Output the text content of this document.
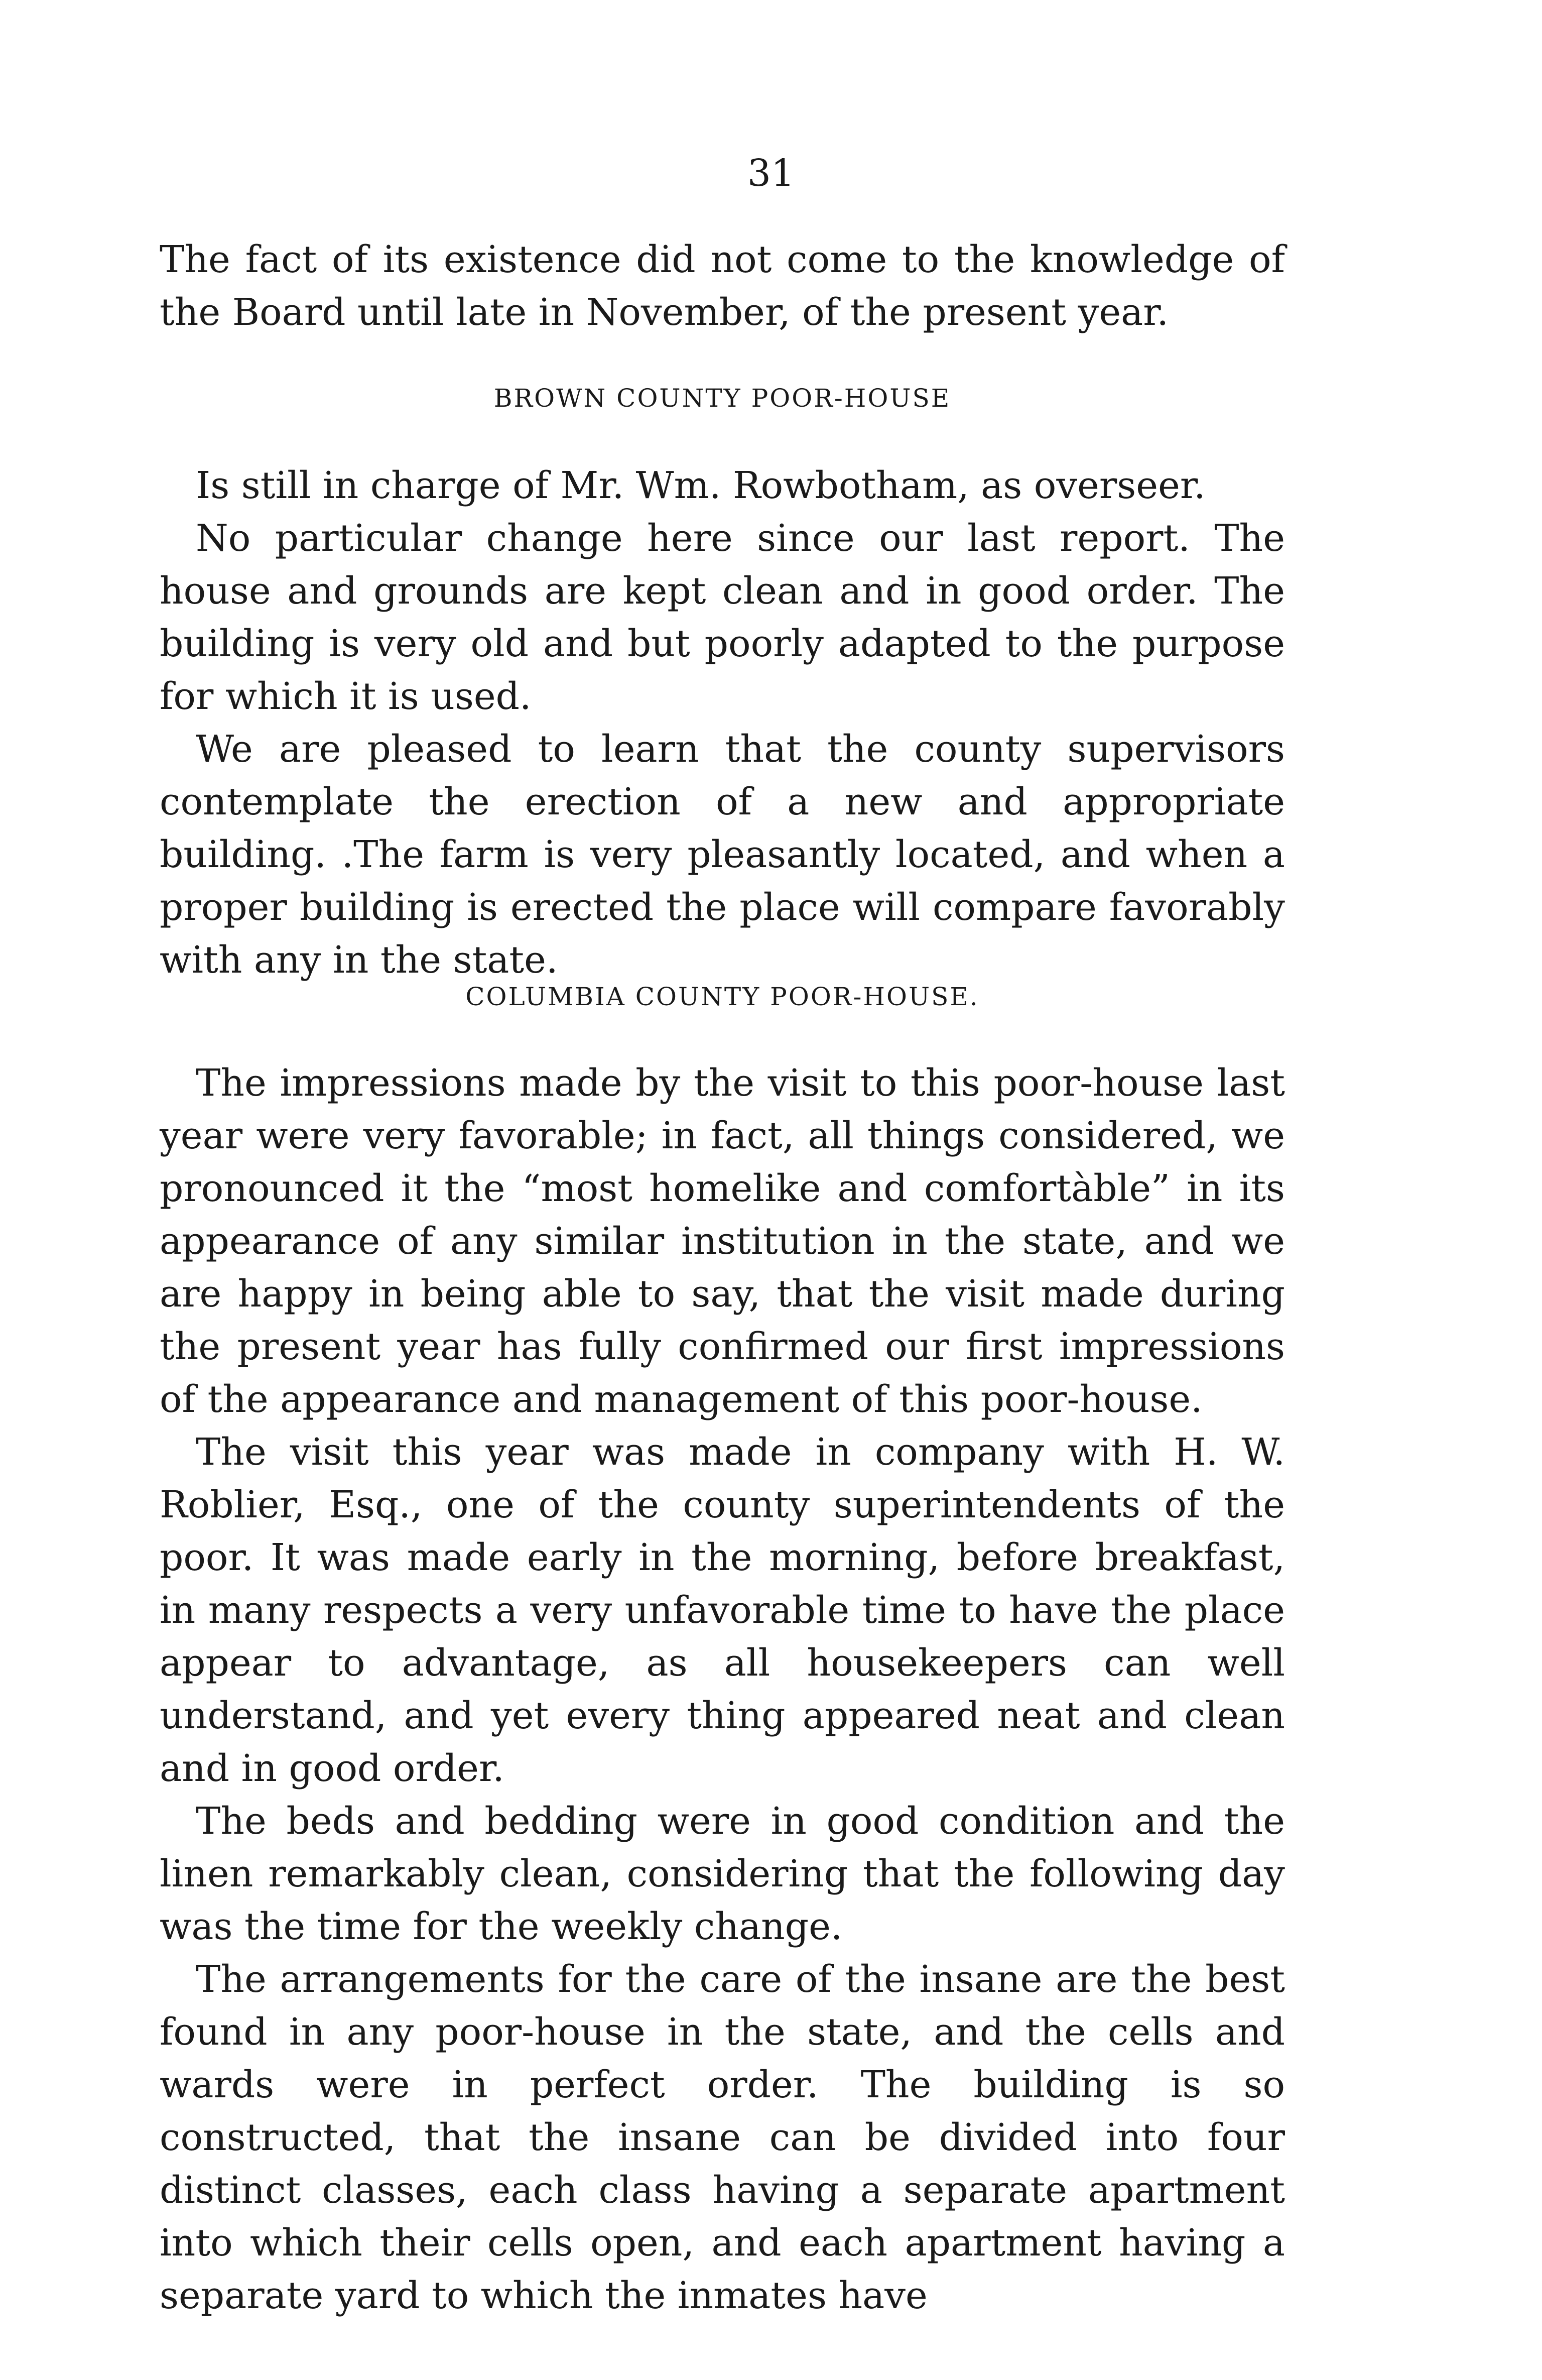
31

The fact of its existence did not come to the knowledge of the Board until late in November, of the present year.

BROWN COUNTY POOR-HOUSE

Is still in charge of Mr. Wm. Rowbotham, as overseer.

No particular change here since our last report. The house and grounds are kept clean and in good order. The building is very old and but poorly adapted to the purpose for which it is used.

We are pleased to learn that the county supervisors contemplate the erection of a new and appropriate building. .The farm is very pleasantly located, and when a proper building is erected the place will compare favorably with any in the state.

COLUMBIA COUNTY POOR-HOUSE.

The impressions made by the visit to this poor-house last year were very favorable; in fact, all things considered, we pronounced it the “most homelike and comfortàble” in its appearance of any similar institution in the state, and we are happy in being able to say, that the visit made during the present year has fully confirmed our first impressions of the appearance and management of this poor-house.

The visit this year was made in company with H. W. Roblier, Esq., one of the county superintendents of the poor. It was made early in the morning, before breakfast, in many respects a very unfavorable time to have the place appear to advantage, as all housekeepers can well understand, and yet every thing appeared neat and clean and in good order.

The beds and bedding were in good condition and the linen remarkably clean, considering that the following day was the time for the weekly change.

The arrangements for the care of the insane are the best found in any poor-house in the state, and the cells and wards were in perfect order. The building is so constructed, that the insane can be divided into four distinct classes, each class having a separate apartment into which their cells open, and each apartment having a separate yard to which the inmates have
